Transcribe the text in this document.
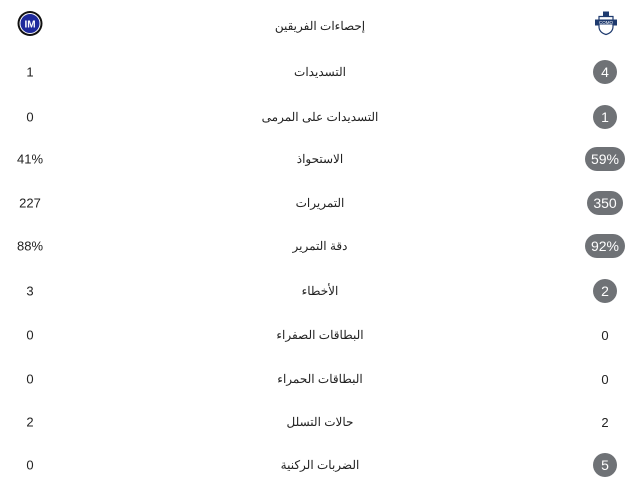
IM	إحصاءات الفريقين	COMO
1	التسديدات	4
0	التسديدات على المرمى	1
41%	الاستحواذ	59%
227	التمريرات	350
88%	دقة التمرير	92%
3	الأخطاء	2
0	البطاقات الصفراء	0
0	البطاقات الحمراء	0
2	حالات التسلل	2
0	الضربات الركنية	5
